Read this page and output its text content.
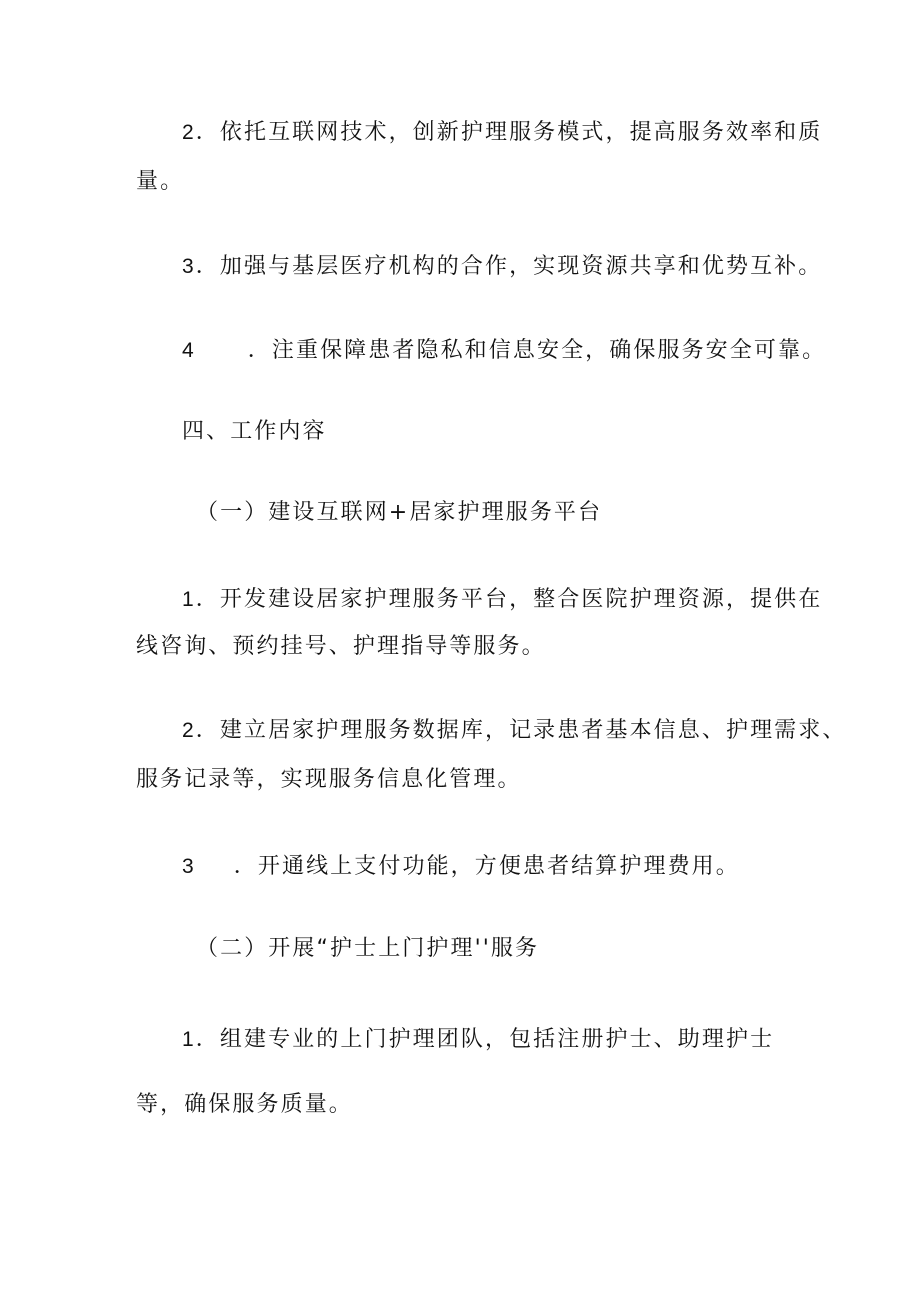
2．依托互联网技术，创新护理服务模式，提高服务效率和质
量。
3．加强与基层医疗机构的合作，实现资源共享和优势互补。
4 ．注重保障患者隐私和信息安全，确保服务安全可靠。
四、工作内容
（一）建设互联网+居家护理服务平台
1．开发建设居家护理服务平台，整合医院护理资源，提供在
线咨询、预约挂号、护理指导等服务。
2．建立居家护理服务数据库，记录患者基本信息、护理需求、
服务记录等，实现服务信息化管理。
3 ．开通线上支付功能，方便患者结算护理费用。
（二）开展“护士上门护理''服务
1．组建专业的上门护理团队，包括注册护士、助理护士
等，确保服务质量。
